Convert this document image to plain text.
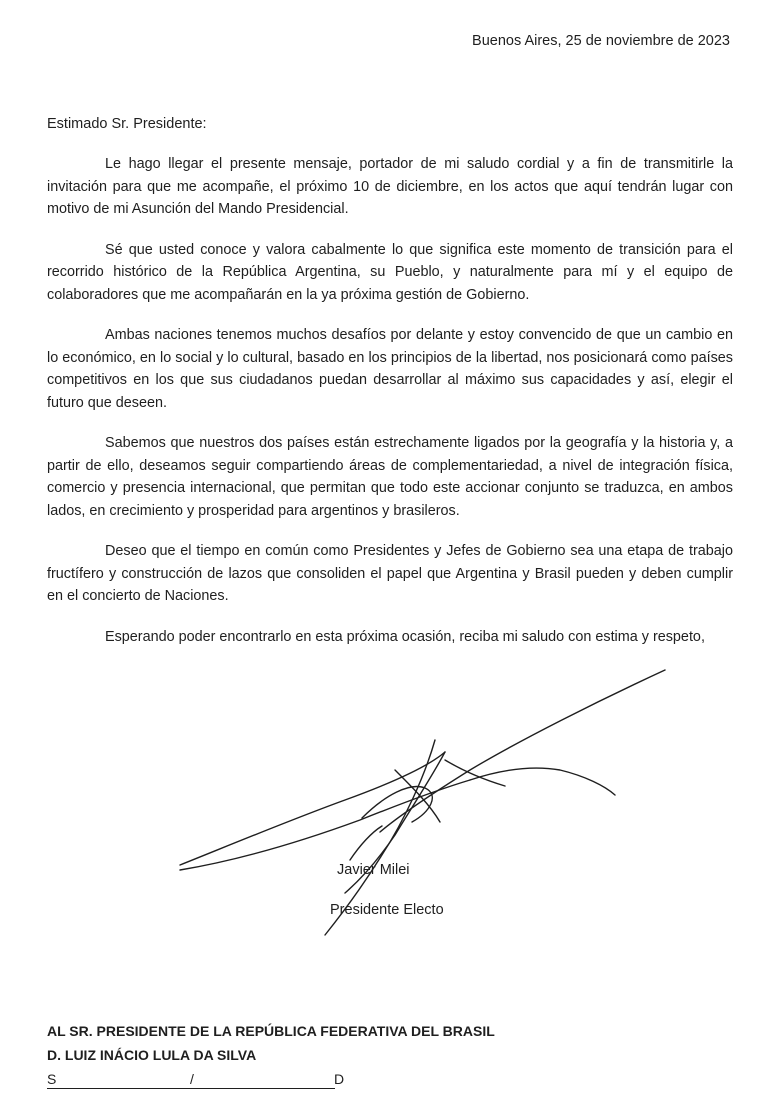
Buenos Aires, 25 de noviembre de 2023
Estimado Sr. Presidente:

Le hago llegar el presente mensaje, portador de mi saludo cordial y a fin de transmitirle la invitación para que me acompañe, el próximo 10 de diciembre, en los actos que aquí tendrán lugar con motivo de mi Asunción del Mando Presidencial.

Sé que usted conoce y valora cabalmente lo que significa este momento de transición para el recorrido histórico de la República Argentina, su Pueblo, y naturalmente para mí y el equipo de colaboradores que me acompañarán en la ya próxima gestión de Gobierno.

Ambas naciones tenemos muchos desafíos por delante y estoy convencido de que un cambio en lo económico, en lo social y lo cultural, basado en los principios de la libertad, nos posicionará como países competitivos en los que sus ciudadanos puedan desarrollar al máximo sus capacidades y así, elegir el futuro que deseen.

Sabemos que nuestros dos países están estrechamente ligados por la geografía y la historia y, a partir de ello, deseamos seguir compartiendo áreas de complementariedad, a nivel de integración física, comercio y presencia internacional, que permitan que todo este accionar conjunto se traduzca, en ambos lados, en crecimiento y prosperidad para argentinos y brasileros.

Deseo que el tiempo en común como Presidentes y Jefes de Gobierno sea una etapa de trabajo fructífero y construcción de lazos que consoliden el papel que Argentina y Brasil pueden y deben cumplir en el concierto de Naciones.

Esperando poder encontrarlo en esta próxima ocasión, reciba mi saludo con estima y respeto,

Javier Milei
Presidente Electo
AL SR. PRESIDENTE DE LA REPÚBLICA FEDERATIVA DEL BRASIL
D. LUIZ INÁCIO LULA DA SILVA
S	/	D
